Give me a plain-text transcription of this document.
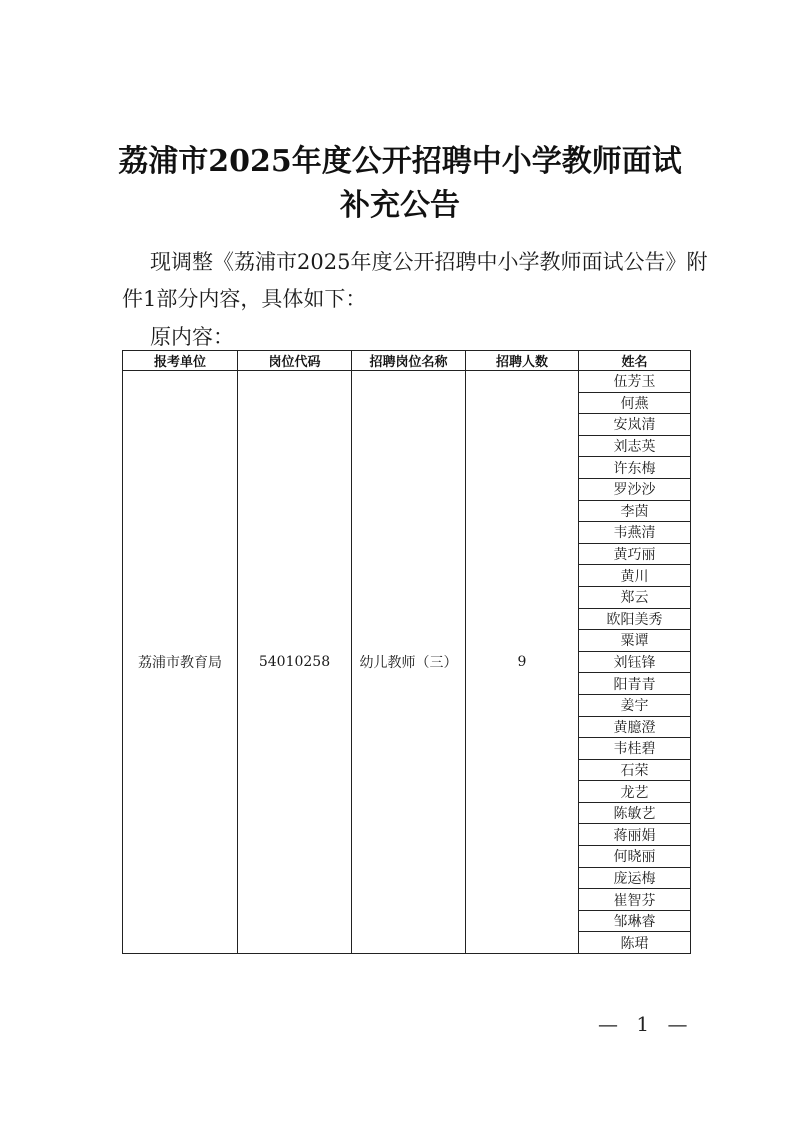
荔浦市2025年度公开招聘中小学教师面试
补充公告
现调整《荔浦市2025年度公开招聘中小学教师面试公告》附
件1部分内容，具体如下：
原内容：
报考单位	岗位代码	招聘岗位名称	招聘人数	姓名
荔浦市教育局	54010258	幼儿教师（三）	9	伍芳玉
				何燕
				安岚清
				刘志英
				许东梅
				罗沙沙
				李茵
				韦燕清
				黄巧丽
				黄川
				郑云
				欧阳美秀
				粟谭
				刘钰锋
				阳青青
				姜宇
				黄臆澄
				韦桂碧
				石荣
				龙艺
				陈敏艺
				蒋丽娟
				何晓丽
				庞运梅
				崔智芬
				邹琳睿
				陈珺
— 1 —
